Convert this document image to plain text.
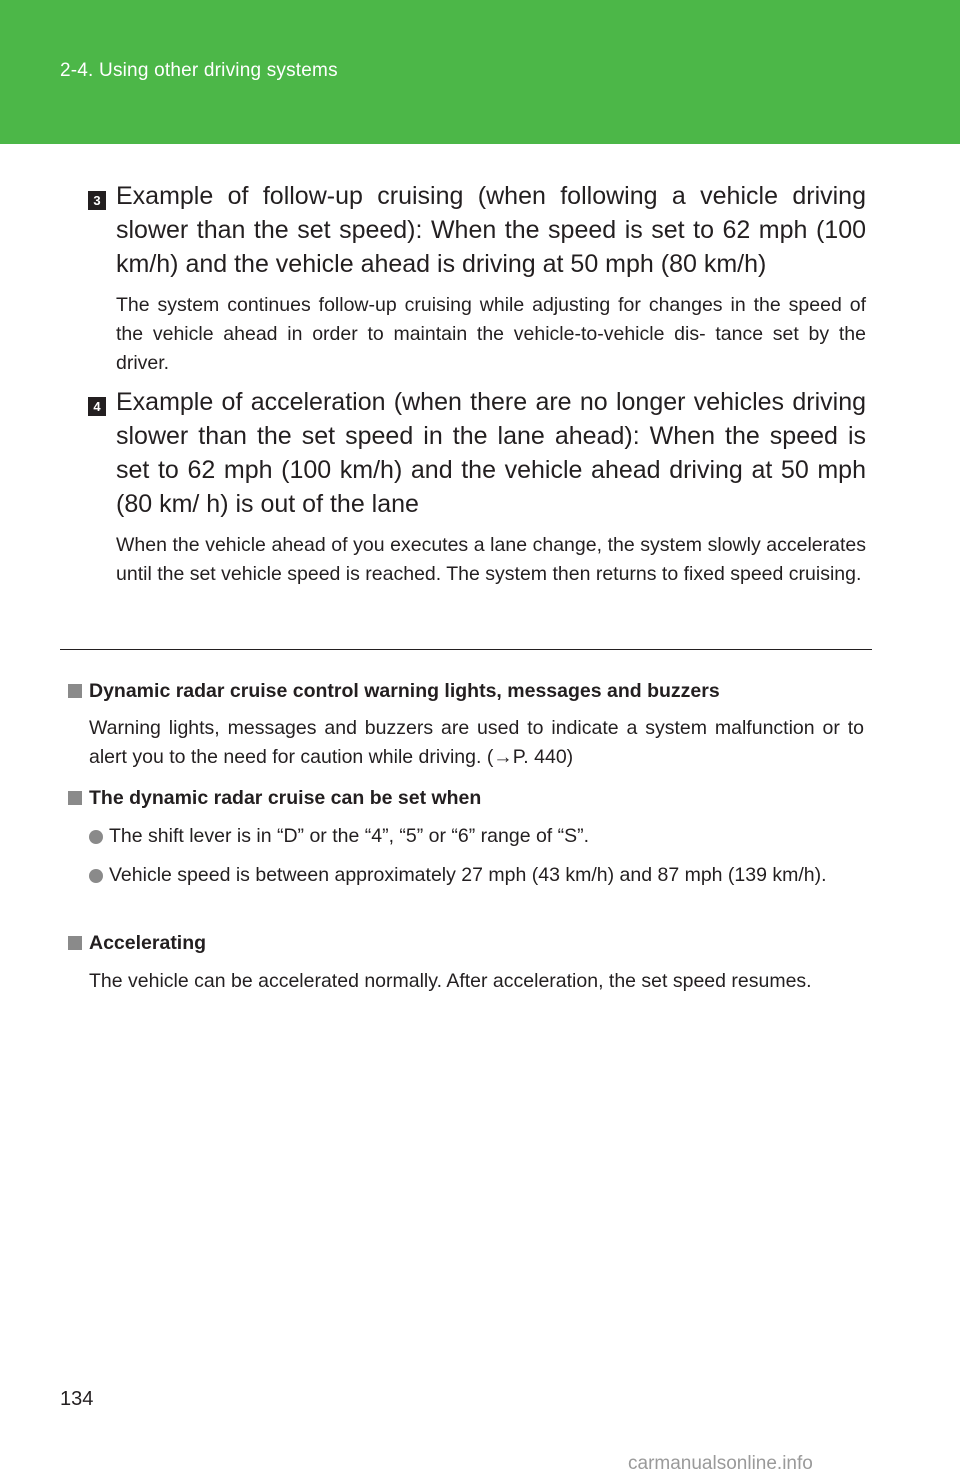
2-4. Using other driving systems
3 Example of follow-up cruising (when following a vehicle driving slower than the set speed): When the speed is set to 62 mph (100 km/h) and the vehicle ahead is driving at 50 mph (80 km/h)

The system continues follow-up cruising while adjusting for changes in the speed of the vehicle ahead in order to maintain the vehicle-to-vehicle dis- tance set by the driver.

4 Example of acceleration (when there are no longer vehicles driving slower than the set speed in the lane ahead): When the speed is set to 62 mph (100 km/h) and the vehicle ahead driving at 50 mph (80 km/ h) is out of the lane

When the vehicle ahead of you executes a lane change, the system slowly accelerates until the set vehicle speed is reached. The system then returns to fixed speed cruising.

Dynamic radar cruise control warning lights, messages and buzzers

Warning lights, messages and buzzers are used to indicate a system malfunction or to alert you to the need for caution while driving. (→P. 440)

The dynamic radar cruise can be set when
The shift lever is in “D” or the “4”, “5” or “6” range of “S”.
Vehicle speed is between approximately 27 mph (43 km/h) and 87 mph (139 km/h).
Accelerating

The vehicle can be accelerated normally. After acceleration, the set speed resumes.

134
carmanualsonline.info
